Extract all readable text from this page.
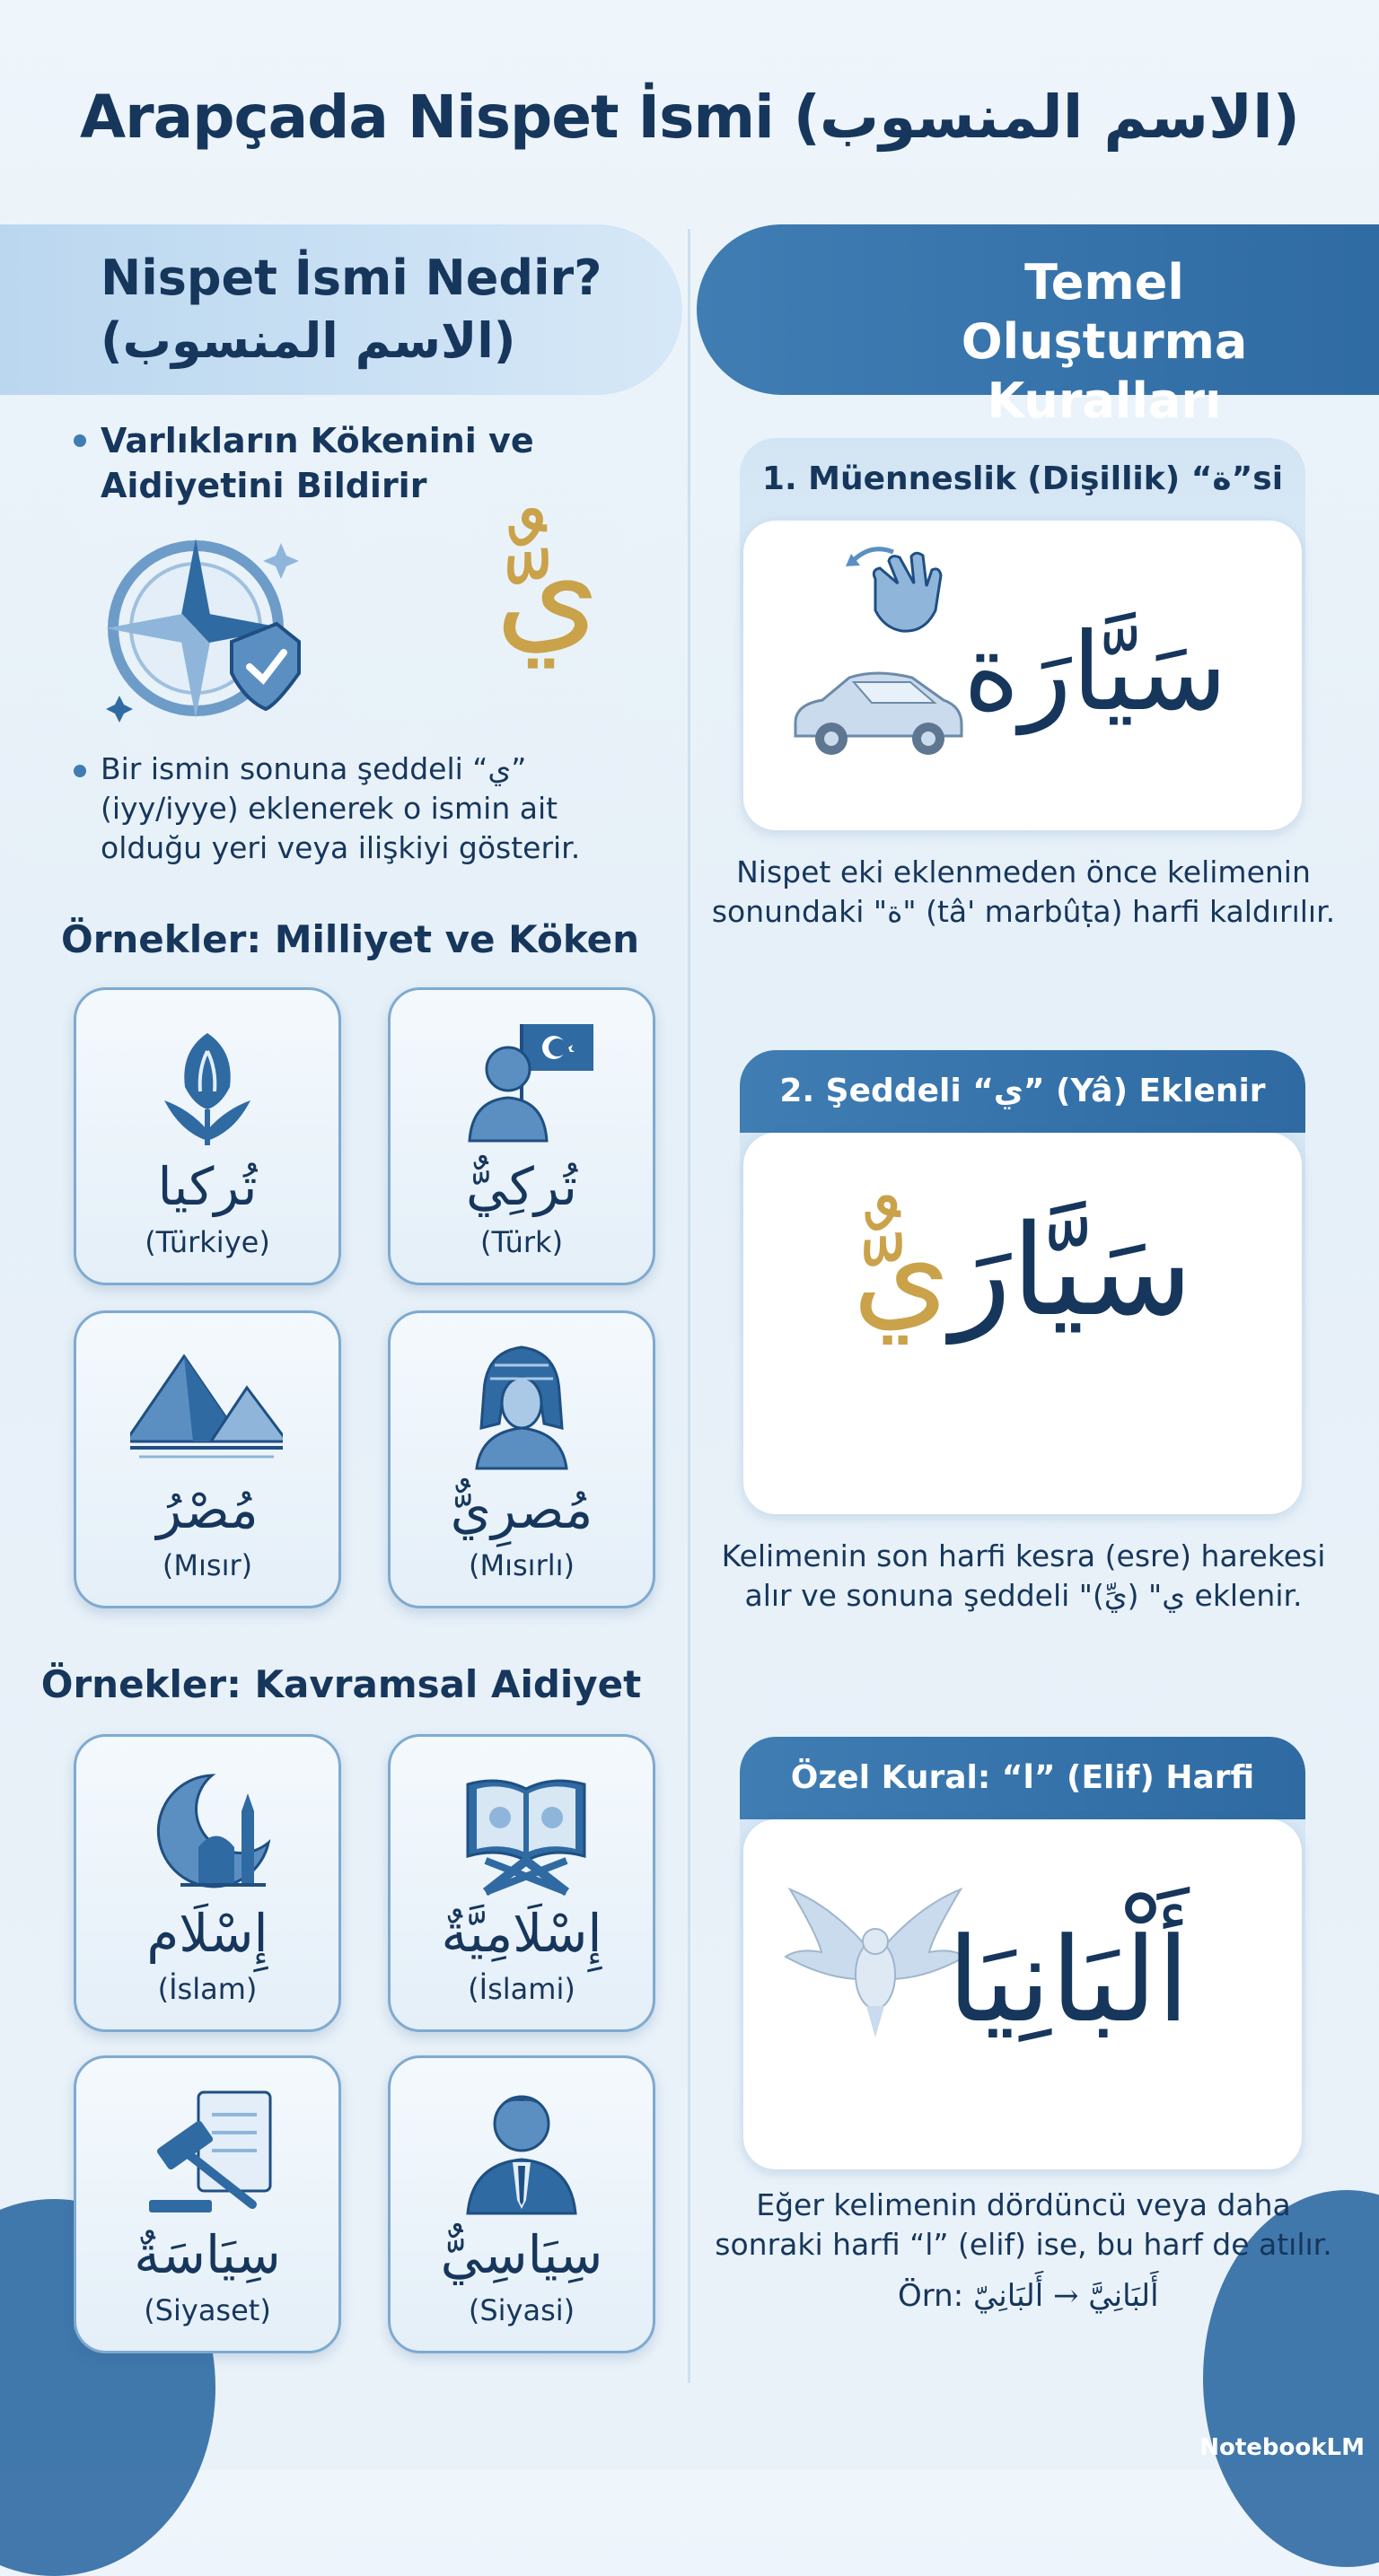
Arapçada Nispet İsmi (الاسم المنسوب)
Nispet İsmi Nedir?
(الاسم المنسوب)
Temel Oluşturma Kuralları
Varlıkların Kökenini ve Aidiyetini Bildirir
يٌّ
Bir ismin sonuna şeddeli “ي” (iyy/iyye) eklenerek o ismin ait olduğu yeri veya ilişkiyi gösterir.
Örnekler: Milliyet ve Köken
تُركيا
(Türkiye)
تُركِيٌّ
(Türk)
مُصْرُ
(Mısır)
مُصرِيٌّ
(Mısırlı)
Örnekler: Kavramsal Aidiyet
إِسْلَام
(İslam)
إِسْلَامِيَّةٌ
(İslami)
سِيَاسَةٌ
(Siyaset)
سِيَاسِيٌّ
(Siyasi)
1. Müenneslik (Dişillik) “ة”si
سَيَّارَة
Nispet eki eklenmeden önce kelimenin sonundaki "ة" (tâ' marbûṭa) harfi kaldırılır.
2. Şeddeli “ي” (Yâ) Eklenir
سَيَّارَيٌّ
Kelimenin son harfi kesra (esre) harekesi alır ve sonuna şeddeli "ي" (يِّ) eklenir.
Özel Kural: “ا” (Elif) Harfi
أَلْبَانِيَا
Eğer kelimenin dördüncü veya daha sonraki harfi “ا” (elif) ise, bu harf de atılır.
Örn: أَلبَانِيَّ → أَلبَانِيّ
NotebookLM
